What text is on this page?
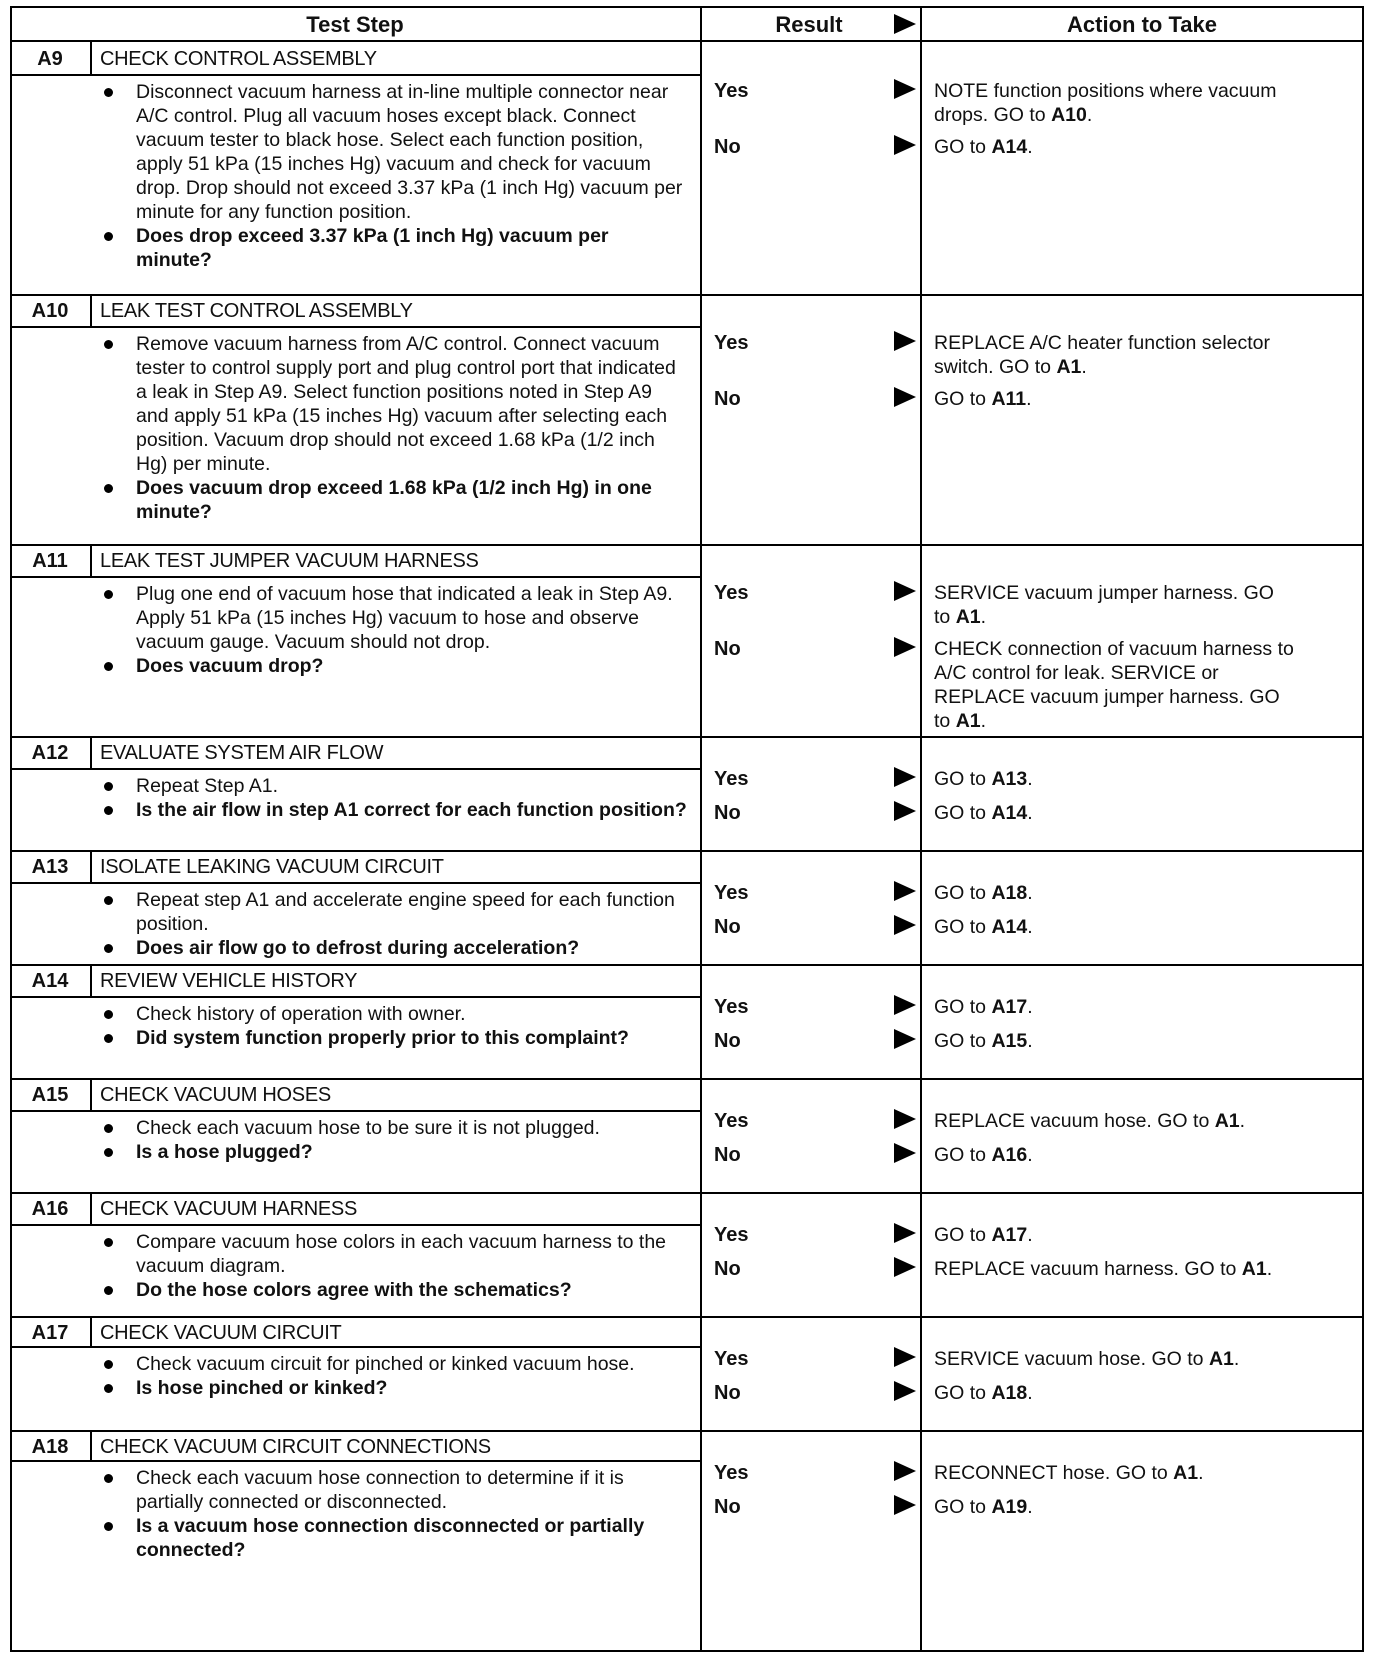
Test Step	Result	Action to Take
A9	CHECK CONTROL ASSEMBLY
Disconnect vacuum harness at in-line multiple connector near A/C control. Plug all vacuum hoses except black. Connect vacuum tester to black hose. Select each function position, apply 51 kPa (15 inches Hg) vacuum and check for vacuum drop. Drop should not exceed 3.37 kPa (1 inch Hg) vacuum per minute for any function position.
Does drop exceed 3.37 kPa (1 inch Hg) vacuum per minute?
Yes	NOTE function positions where vacuum drops. GO to A10.
No	GO to A14.
A10	LEAK TEST CONTROL ASSEMBLY
Remove vacuum harness from A/C control. Connect vacuum tester to control supply port and plug control port that indicated a leak in Step A9. Select function positions noted in Step A9 and apply 51 kPa (15 inches Hg) vacuum after selecting each position. Vacuum drop should not exceed 1.68 kPa (1/2 inch Hg) per minute.
Does vacuum drop exceed 1.68 kPa (1/2 inch Hg) in one minute?
Yes	REPLACE A/C heater function selector switch. GO to A1.
No	GO to A11.
A11	LEAK TEST JUMPER VACUUM HARNESS
Plug one end of vacuum hose that indicated a leak in Step A9. Apply 51 kPa (15 inches Hg) vacuum to hose and observe vacuum gauge. Vacuum should not drop.
Does vacuum drop?
Yes	SERVICE vacuum jumper harness. GO to A1.
No	CHECK connection of vacuum harness to A/C control for leak. SERVICE or REPLACE vacuum jumper harness. GO to A1.
A12	EVALUATE SYSTEM AIR FLOW
Repeat Step A1.
Is the air flow in step A1 correct for each function position?
Yes	GO to A13.
No	GO to A14.
A13	ISOLATE LEAKING VACUUM CIRCUIT
Repeat step A1 and accelerate engine speed for each function position.
Does air flow go to defrost during acceleration?
Yes	GO to A18.
No	GO to A14.
A14	REVIEW VEHICLE HISTORY
Check history of operation with owner.
Did system function properly prior to this complaint?
Yes	GO to A17.
No	GO to A15.
A15	CHECK VACUUM HOSES
Check each vacuum hose to be sure it is not plugged.
Is a hose plugged?
Yes	REPLACE vacuum hose. GO to A1.
No	GO to A16.
A16	CHECK VACUUM HARNESS
Compare vacuum hose colors in each vacuum harness to the vacuum diagram.
Do the hose colors agree with the schematics?
Yes	GO to A17.
No	REPLACE vacuum harness. GO to A1.
A17	CHECK VACUUM CIRCUIT
Check vacuum circuit for pinched or kinked vacuum hose.
Is hose pinched or kinked?
Yes	SERVICE vacuum hose. GO to A1.
No	GO to A18.
A18	CHECK VACUUM CIRCUIT CONNECTIONS
Check each vacuum hose connection to determine if it is partially connected or disconnected.
Is a vacuum hose connection disconnected or partially connected?
Yes	RECONNECT hose. GO to A1.
No	GO to A19.
